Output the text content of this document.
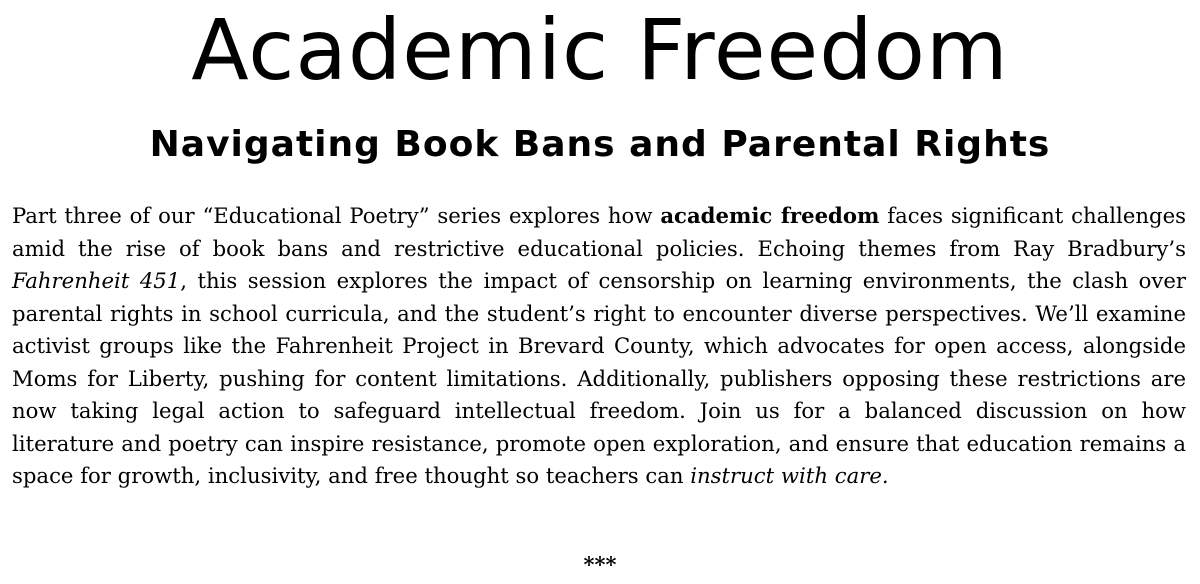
Academic Freedom
Navigating Book Bans and Parental Rights

Part three of our “Educational Poetry” series explores how academic freedom faces significant challenges amid the rise of book bans and restrictive educational policies. Echoing themes from Ray Bradbury’s Fahrenheit 451, this session explores the impact of censorship on learning environments, the clash over parental rights in school curricula, and the student’s right to encounter diverse perspectives. We’ll examine activist groups like the Fahrenheit Project in Brevard County, which advocates for open access, alongside Moms for Liberty, pushing for content limitations. Additionally, publishers opposing these restrictions are now taking legal action to safeguard intellectual freedom. Join us for a balanced discussion on how literature and poetry can inspire resistance, promote open exploration, and ensure that education remains a space for growth, inclusivity, and free thought so teachers can instruct with care.

***
